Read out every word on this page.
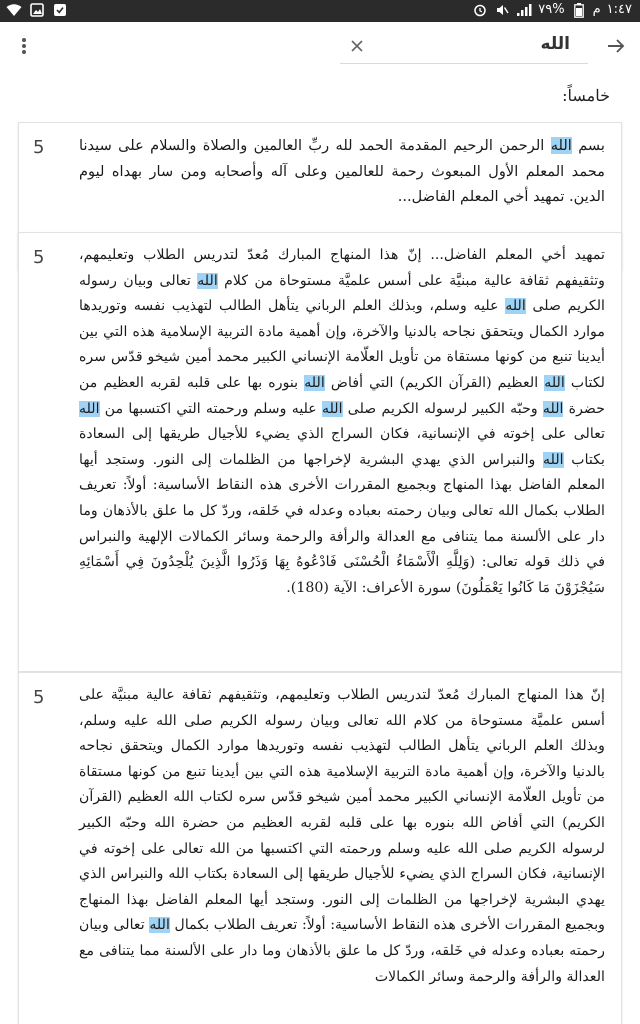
٧٩% م ١:٤٧
الله
خامساً:
5	بسم الله الرحمن الرحيم المقدمة الحمد لله ربِّ العالمين والصلاة والسلام على سيدنا محمد المعلم الأول المبعوث رحمة للعالمين وعلى آله وأصحابه ومن سار بهداه ليوم الدين. تمهيد أخي المعلم الفاضل...
5 تمهيد أخي المعلم الفاضل... إنّ هذا المنهاج المبارك مُعدّ لتدريس الطلاب وتعليمهم، وتثقيفهم ثقافة عالية مبنيَّة على أسس علميَّة مستوحاة من كلام الله تعالى وبيان رسوله الكريم صلى الله عليه وسلم، وبذلك العلم الرباني يتأهل الطالب لتهذيب نفسه وتوريدها موارد الكمال ويتحقق نجاحه بالدنيا والآخرة، وإن أهمية مادة التربية الإسلامية هذه التي بين أيدينا تنبع من كونها مستقاة من تأويل العلّامة الإنساني الكبير محمد أمين شيخو قدّس سره لكتاب الله العظيم (القرآن الكريم) التي أفاض الله بنوره بها على قلبه لقربه العظيم من حضرة الله وحبّه الكبير لرسوله الكريم صلى الله عليه وسلم ورحمته التي اكتسبها من الله تعالى على إخوته في الإنسانية، فكان السراج الذي يضيء للأجيال طريقها إلى السعادة بكتاب الله والنبراس الذي يهدي البشرية لإخراجها من الظلمات إلى النور. وستجد أيها المعلم الفاضل بهذا المنهاج وبجميع المقررات الأخرى هذه النقاط الأساسية: أولاً: تعريف الطلاب بكمال الله تعالى وبيان رحمته بعباده وعدله في خَلقه، وردّ كل ما علق بالأذهان وما دار على الألسنة مما يتنافى مع العدالة والرأفة والرحمة وسائر الكمالات الإلهية والنبراس في ذلك قوله تعالى: (وَلِلَّهِ الْأَسْمَاءُ الْحُسْنَى فَادْعُوهُ بِهَا وَذَرُوا الَّذِينَ يُلْحِدُونَ فِي أَسْمَائِهِ سَيُجْزَوْنَ مَا كَانُوا يَعْمَلُونَ) سورة الأعراف: الآية (180).
5 إنّ هذا المنهاج المبارك مُعدّ لتدريس الطلاب وتعليمهم، وتثقيفهم ثقافة عالية مبنيَّة على أسس علميَّة مستوحاة من كلام الله تعالى وبيان رسوله الكريم صلى الله عليه وسلم، وبذلك العلم الرباني يتأهل الطالب لتهذيب نفسه وتوريدها موارد الكمال ويتحقق نجاحه بالدنيا والآخرة، وإن أهمية مادة التربية الإسلامية هذه التي بين أيدينا تنبع من كونها مستقاة من تأويل العلّامة الإنساني الكبير محمد أمين شيخو قدّس سره لكتاب الله العظيم (القرآن الكريم) التي أفاض الله بنوره بها على قلبه لقربه العظيم من حضرة الله وحبّه الكبير لرسوله الكريم صلى الله عليه وسلم ورحمته التي اكتسبها من الله تعالى على إخوته في الإنسانية، فكان السراج الذي يضيء للأجيال طريقها إلى السعادة بكتاب الله والنبراس الذي يهدي البشرية لإخراجها من الظلمات إلى النور. وستجد أيها المعلم الفاضل بهذا المنهاج وبجميع المقررات الأخرى هذه النقاط الأساسية: أولاً: تعريف الطلاب بكمال الله تعالى وبيان رحمته بعباده وعدله في خَلقه، وردّ كل ما علق بالأذهان وما دار على الألسنة مما يتنافى مع العدالة والرأفة والرحمة وسائر الكمالات
